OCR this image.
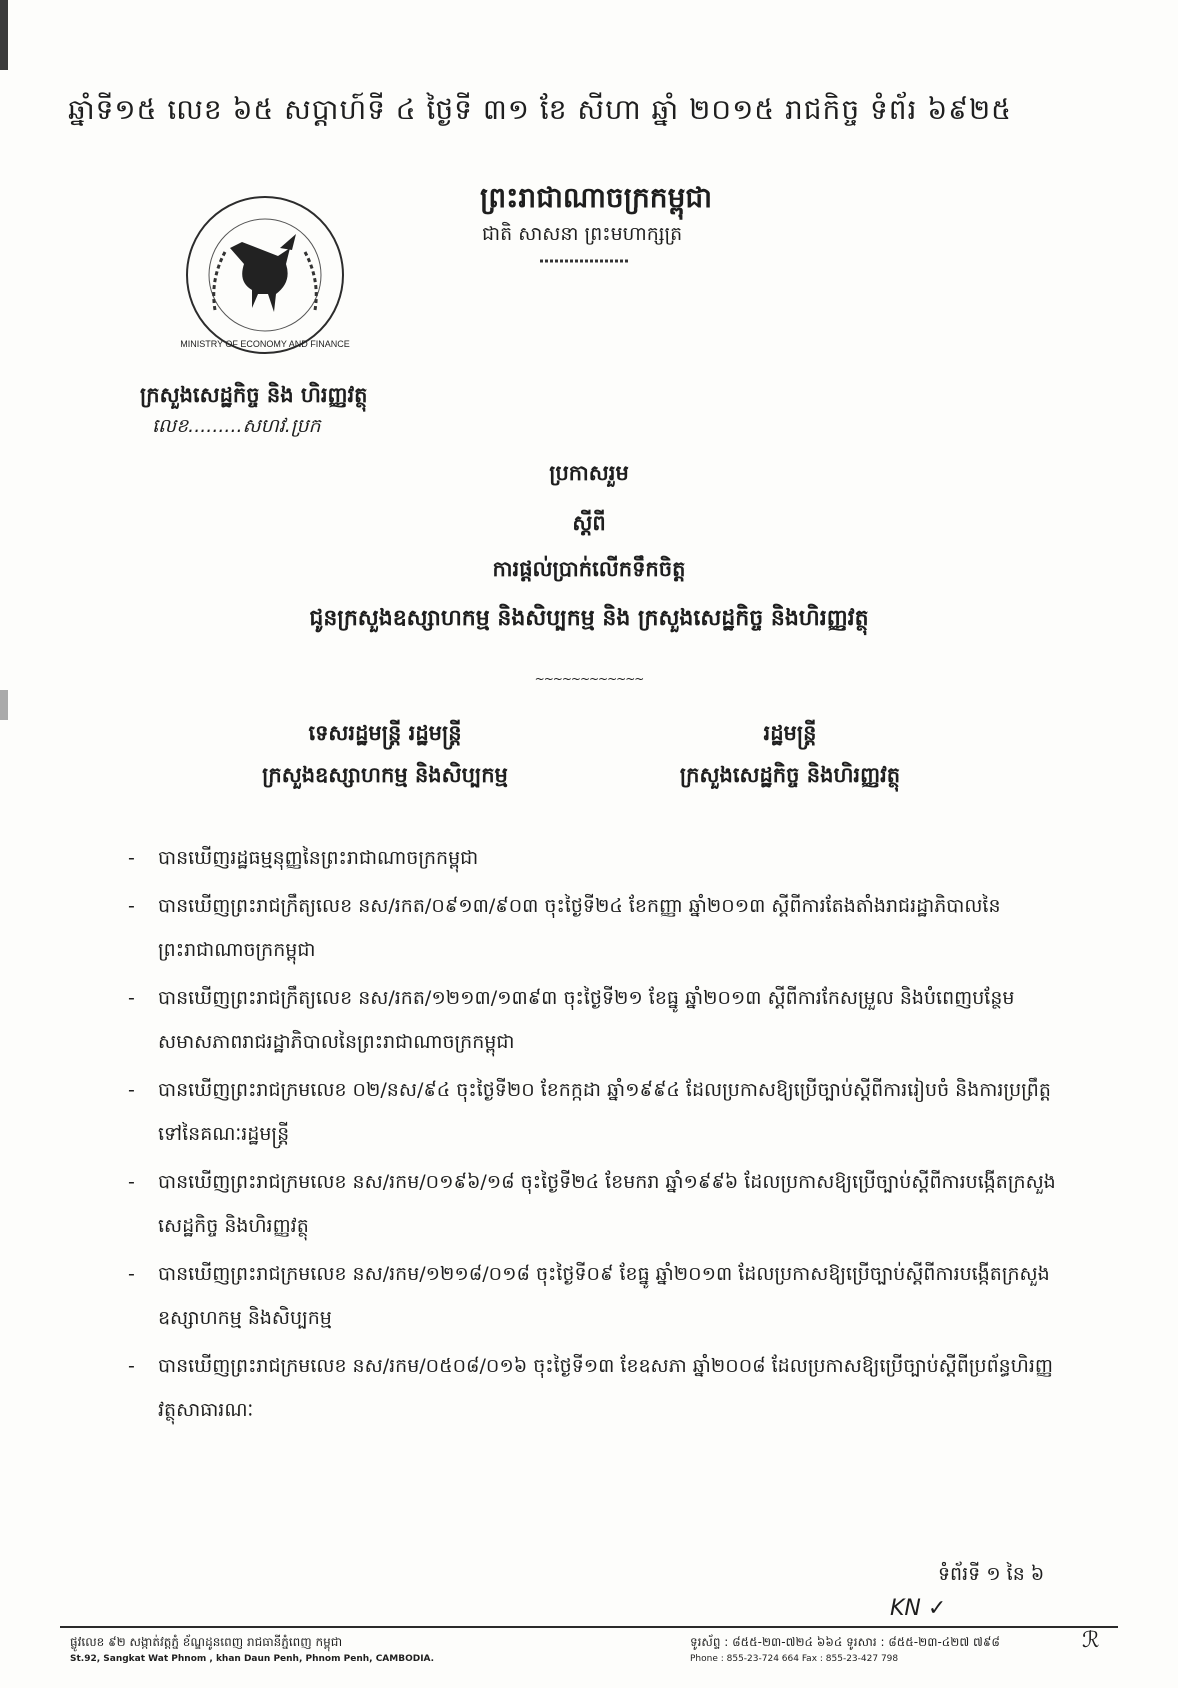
ឆ្នាំទី១៥ លេខ ៦៥ សប្តាហ៍ទី ៤ ថ្ងៃទី ៣១ ខែ សីហា ឆ្នាំ ២០១៥ រាជកិច្ច ទំព័រ ៦៩២៥
ព្រះរាជាណាចក្រកម្ពុជា
ជាតិ សាសនា ព្រះមហាក្សត្រ
MINISTRY OF ECONOMY AND FINANCE
ក្រសួងសេដ្ឋកិច្ច និង ហិរញ្ញវត្ថុ
លេខ.........សហវ.ប្រក
ប្រកាសរួម
ស្តីពី
ការផ្តល់ប្រាក់លើកទឹកចិត្ត
ជូនក្រសួងឧស្សាហកម្ម និងសិប្បកម្ម និង ក្រសួងសេដ្ឋកិច្ច និងហិរញ្ញវត្ថុ
~~~~~~~~~~~~
ទេសរដ្ឋមន្ត្រី រដ្ឋមន្ត្រី
ក្រសួងឧស្សាហកម្ម និងសិប្បកម្ម
រដ្ឋមន្ត្រី
ក្រសួងសេដ្ឋកិច្ច និងហិរញ្ញវត្ថុ
- បានឃើញរដ្ឋធម្មនុញ្ញនៃព្រះរាជាណាចក្រកម្ពុជា
- បានឃើញព្រះរាជក្រឹត្យលេខ នស/រកត/០៩១៣/៩០៣ ចុះថ្ងៃទី២៤ ខែកញ្ញា ឆ្នាំ២០១៣ ស្តីពីការតែងតាំងរាជរដ្ឋាភិបាលនៃព្រះរាជាណាចក្រកម្ពុជា
- បានឃើញព្រះរាជក្រឹត្យលេខ នស/រកត/១២១៣/១៣៩៣ ចុះថ្ងៃទី២១ ខែធ្នូ ឆ្នាំ២០១៣ ស្តីពីការកែសម្រួល និងបំពេញបន្ថែមសមាសភាពរាជរដ្ឋាភិបាលនៃព្រះរាជាណាចក្រកម្ពុជា
- បានឃើញព្រះរាជក្រមលេខ ០២/នស/៩៤ ចុះថ្ងៃទី២០ ខែកក្កដា ឆ្នាំ១៩៩៤ ដែលប្រកាសឱ្យប្រើច្បាប់ស្តីពីការរៀបចំ និងការប្រព្រឹត្តទៅនៃគណៈរដ្ឋមន្ត្រី
- បានឃើញព្រះរាជក្រមលេខ នស/រកម/០១៩៦/១៨ ចុះថ្ងៃទី២៤ ខែមករា ឆ្នាំ១៩៩៦ ដែលប្រកាសឱ្យប្រើច្បាប់ស្តីពីការបង្កើតក្រសួងសេដ្ឋកិច្ច និងហិរញ្ញវត្ថុ
- បានឃើញព្រះរាជក្រមលេខ នស/រកម/១២១៨/០១៨ ចុះថ្ងៃទី០៩ ខែធ្នូ ឆ្នាំ២០១៣ ដែលប្រកាសឱ្យប្រើច្បាប់ស្តីពីការបង្កើតក្រសួងឧស្សាហកម្ម និងសិប្បកម្ម
- បានឃើញព្រះរាជក្រមលេខ នស/រកម/០៥០៨/០១៦ ចុះថ្ងៃទី១៣ ខែឧសភា ឆ្នាំ២០០៨ ដែលប្រកាសឱ្យប្រើច្បាប់ស្តីពីប្រព័ន្ធហិរញ្ញវត្ថុសាធារណៈ
ទំព័រទី ១ នៃ ៦
KN ✓
ផ្លូវលេខ ៩២ សង្កាត់វត្តភ្នំ ខ័ណ្ឌដូនពេញ រាជធានីភ្នំពេញ កម្ពុជា
St.92, Sangkat Wat Phnom , khan Daun Penh, Phnom Penh, CAMBODIA.
ទូរស័ព្ទ : ៨៥៥-២៣-៧២៤ ៦៦៤ ទូរសារ : ៨៥៥-២៣-៤២៧ ៧៩៨
Phone : 855-23-724 664 Fax : 855-23-427 798
ℛ
